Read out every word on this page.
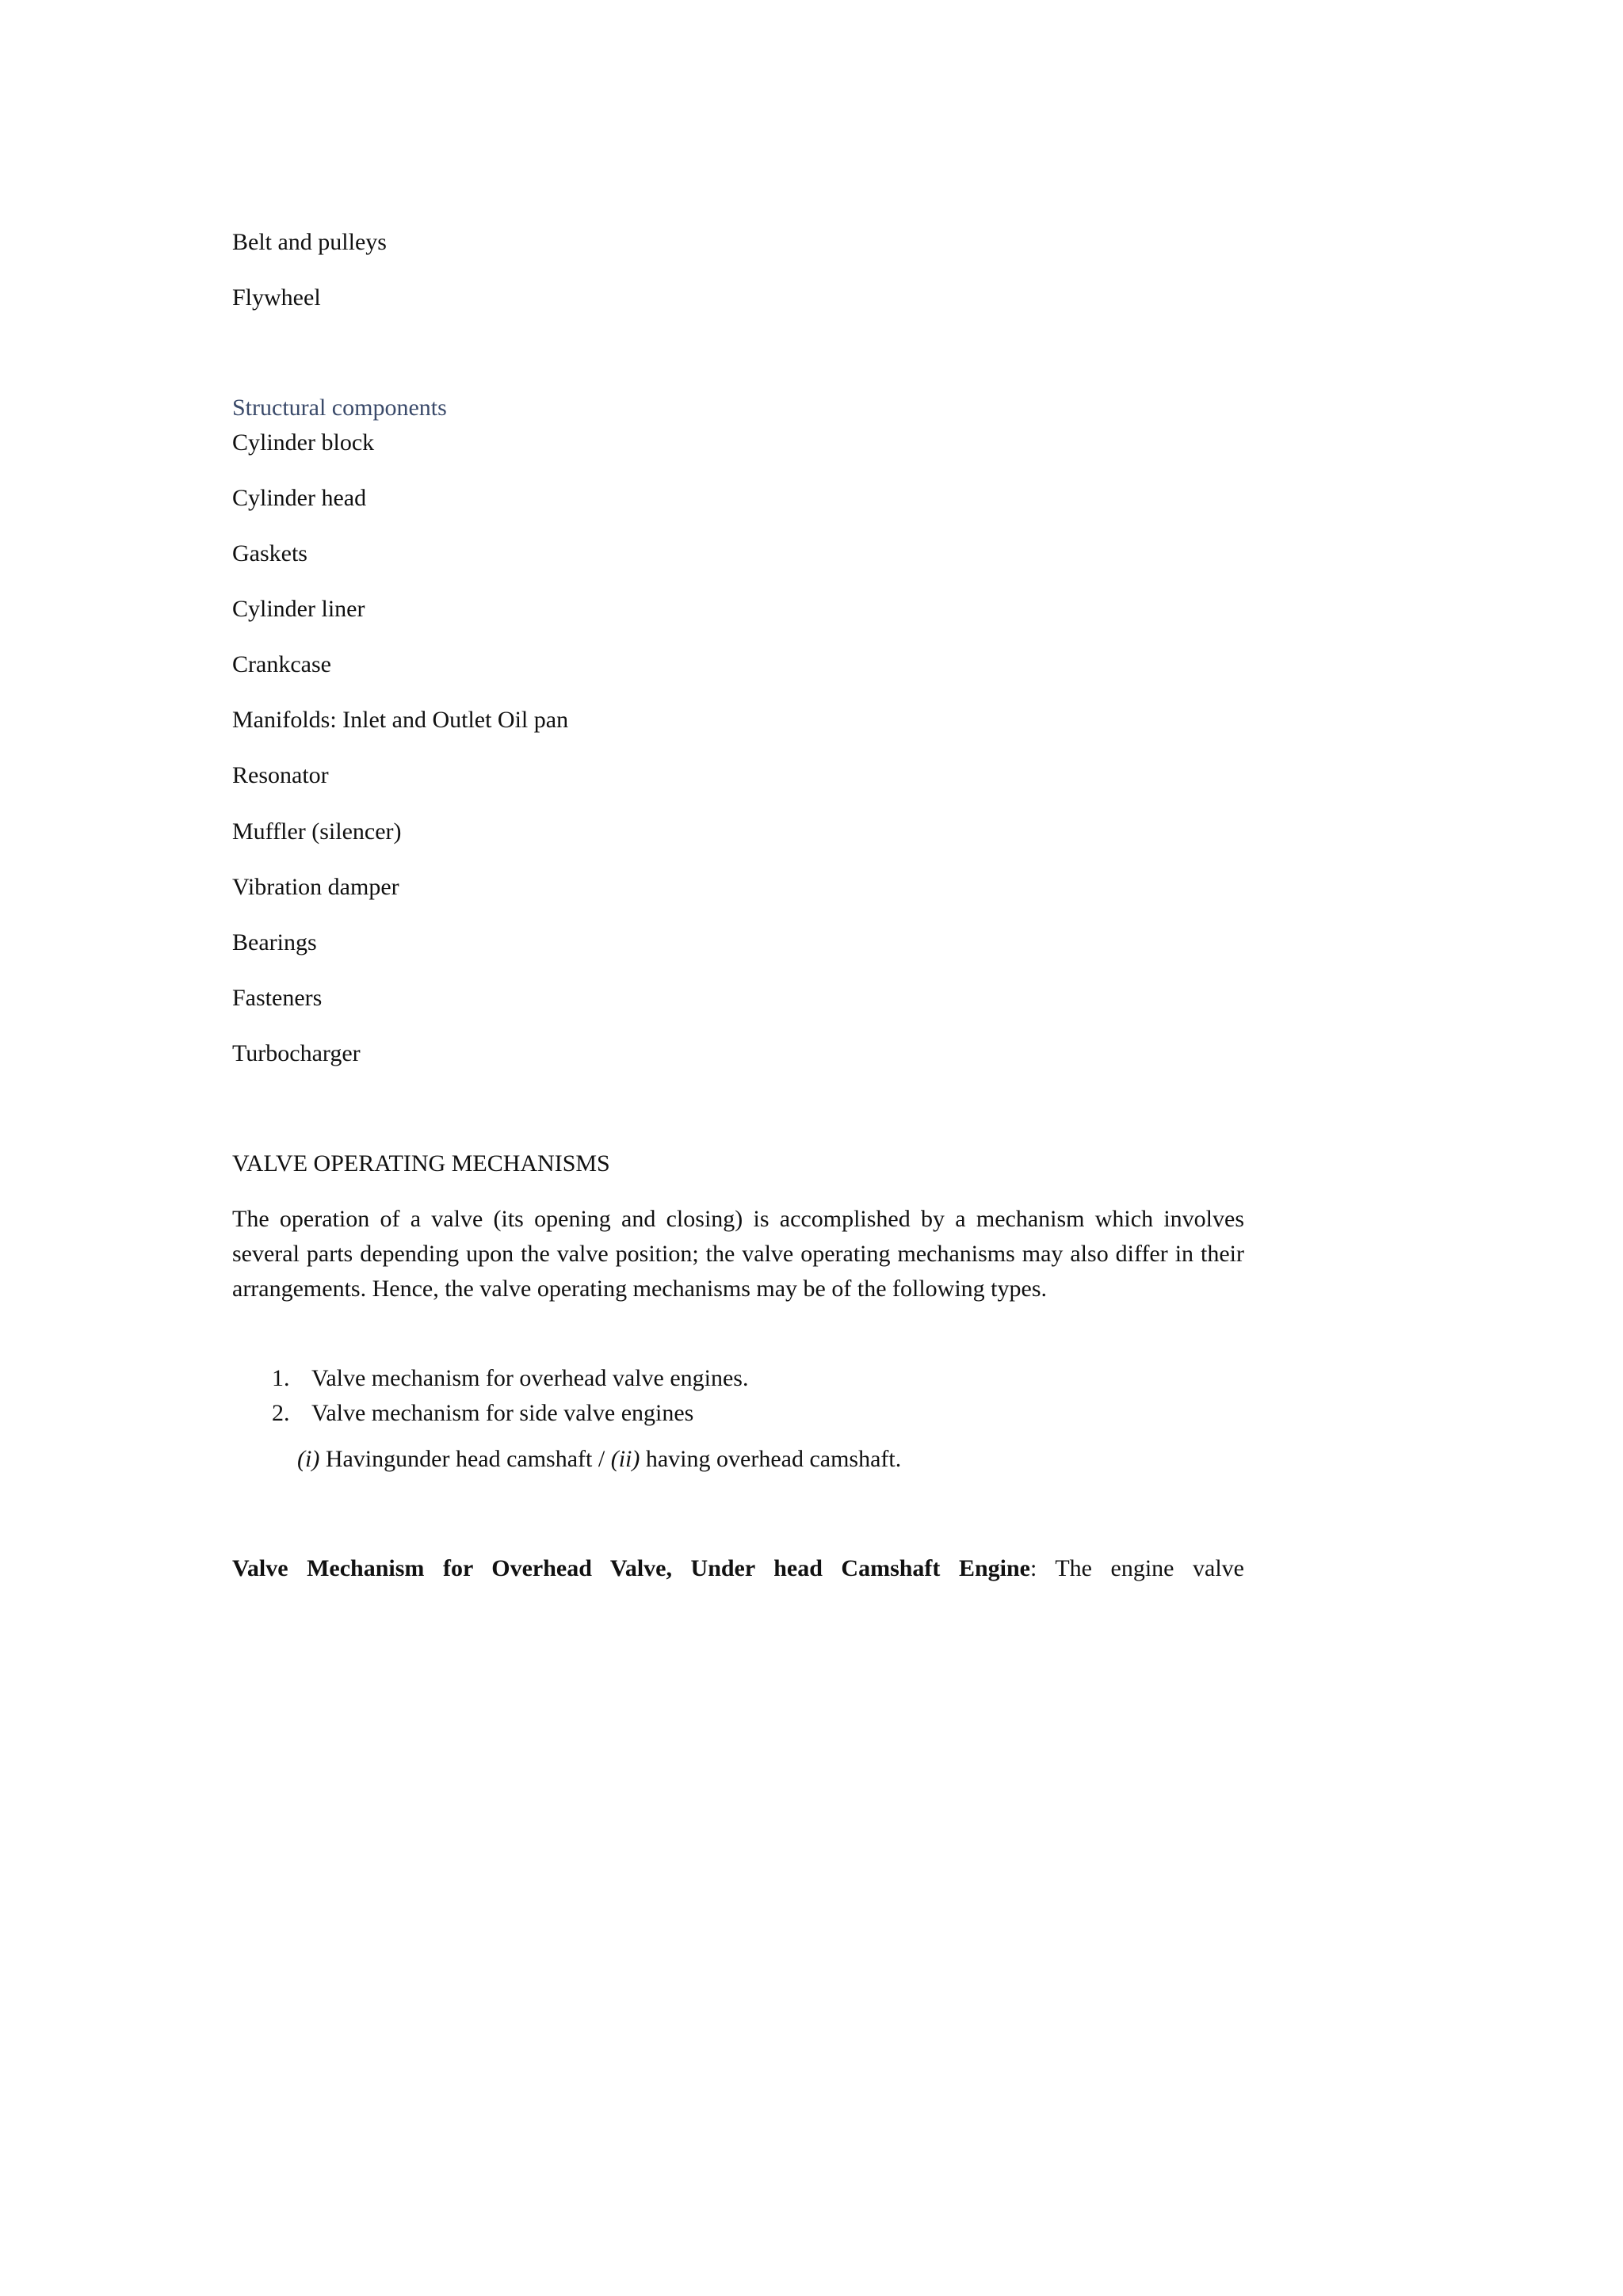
Belt and pulleys

Flywheel

Structural components

Cylinder block

Cylinder head

Gaskets

Cylinder liner

Crankcase

Manifolds: Inlet and Outlet Oil pan

Resonator

Muffler (silencer)

Vibration damper

Bearings

Fasteners

Turbocharger

VALVE OPERATING MECHANISMS

The operation of a valve (its opening and closing) is accomplished by a mechanism which involves several parts depending upon the valve position; the valve operating mechanisms may also differ in their arrangements. Hence, the valve operating mechanisms may be of the following types.

1. Valve mechanism for overhead valve engines.
2. Valve mechanism for side valve engines

(i) Havingunder head camshaft / (ii) having overhead camshaft.

Valve Mechanism for Overhead Valve, Under head Camshaft Engine: The engine valve
